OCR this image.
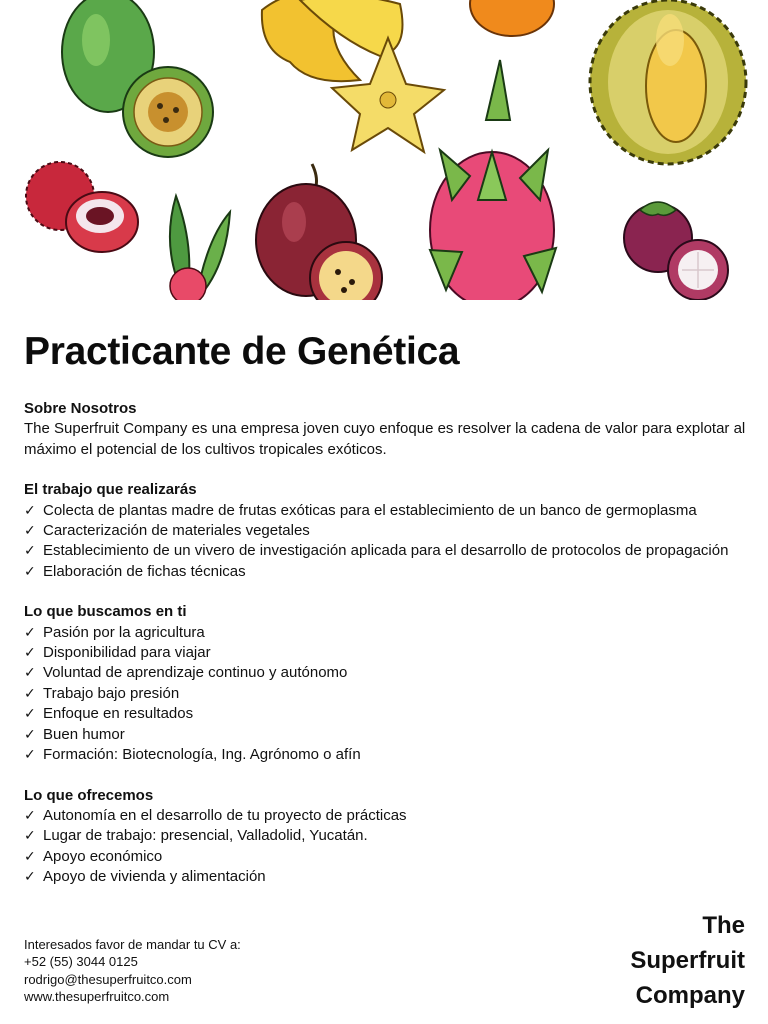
Practicante de Genética
Sobre Nosotros

The Superfruit Company es una empresa joven cuyo enfoque es resolver la cadena de valor para explotar al máximo el potencial de los cultivos tropicales exóticos.

El trabajo que realizarás
✓ Colecta de plantas madre de frutas exóticas para el establecimiento de un banco de germoplasma
✓ Caracterización de materiales vegetales
✓ Establecimiento de un vivero de investigación aplicada para el desarrollo de protocolos de propagación
✓ Elaboración de fichas técnicas
Lo que buscamos en ti
✓ Pasión por la agricultura
✓ Disponibilidad para viajar
✓ Voluntad de aprendizaje continuo y autónomo
✓ Trabajo bajo presión
✓ Enfoque en resultados
✓ Buen humor
✓ Formación: Biotecnología, Ing. Agrónomo o afín
Lo que ofrecemos
✓ Autonomía en el desarrollo de tu proyecto de prácticas
✓ Lugar de trabajo: presencial, Valladolid, Yucatán.
✓ Apoyo económico
✓ Apoyo de vivienda y alimentación
Interesados favor de mandar tu CV a:
+52 (55) 3044 0125
rodrigo@thesuperfruitco.com
www.thesuperfruitco.com
The
Superfruit
Company
